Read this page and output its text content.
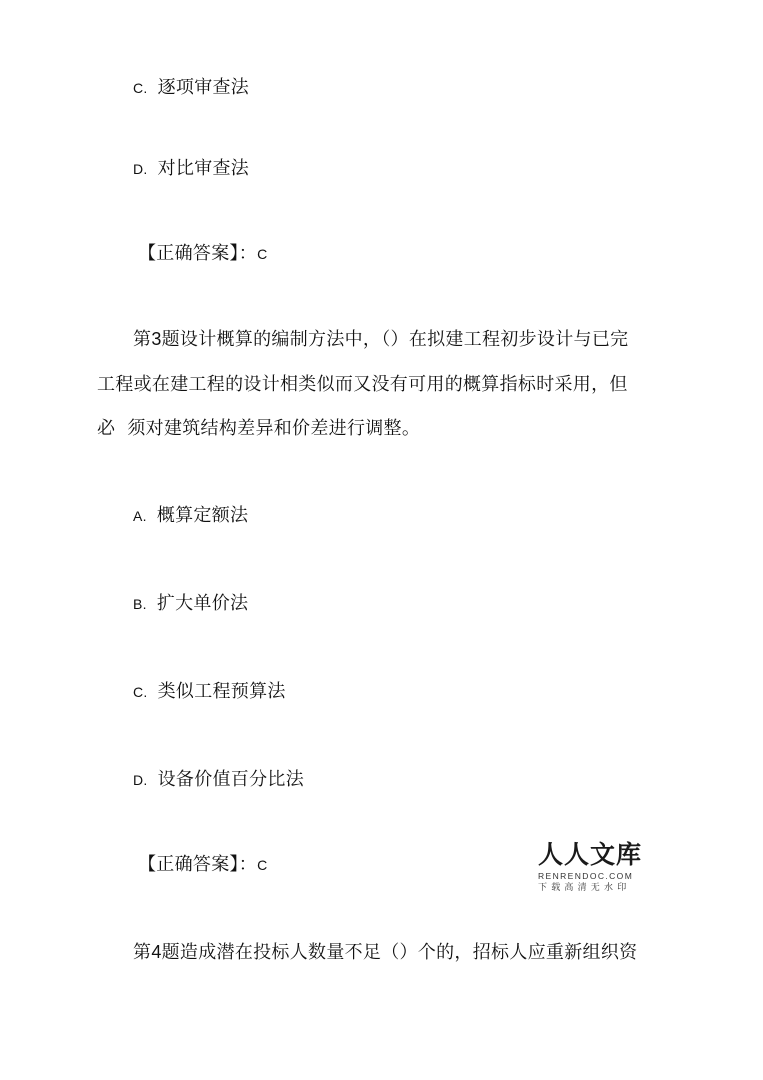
C. 逐项审查法
D. 对比审查法
【正确答案】：C
第3题设计概算的编制方法中，（）在拟建工程初步设计与已完
工程或在建工程的设计相类似而又没有可用的概算指标时采用，但
必  须对建筑结构差异和价差进行调整。
A. 概算定额法
B. 扩大单价法
C. 类似工程预算法
D. 设备价值百分比法
【正确答案】：C	人人文库
RENRENDOC.COM
下载高清无水印
第4题造成潜在投标人数量不足（）个的，招标人应重新组织资
